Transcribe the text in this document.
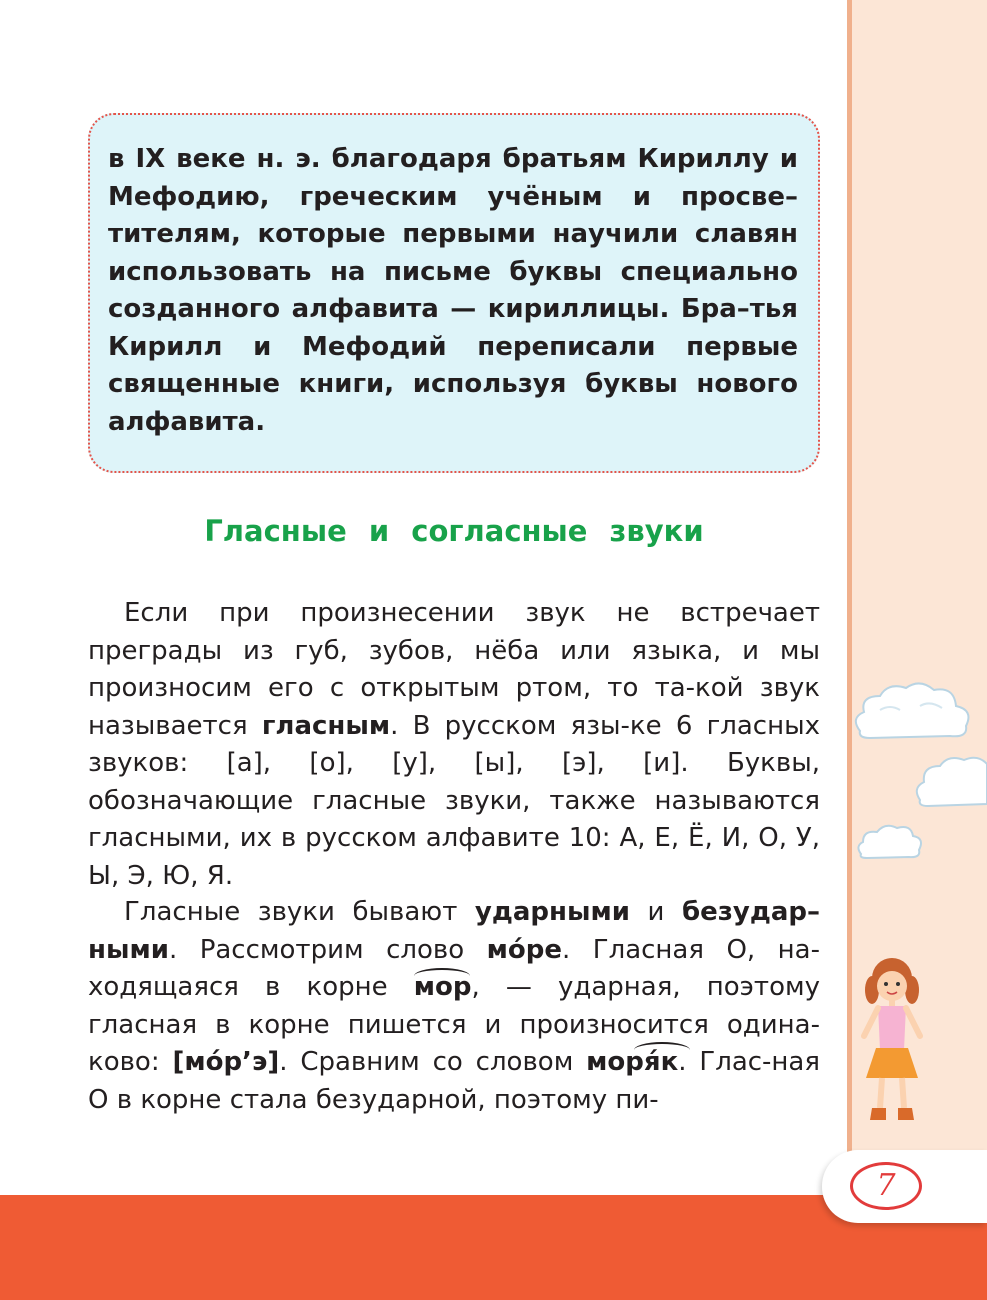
в IX веке н. э. благодаря братьям Кириллу и Мефодию, греческим учёным и просве–тителям, которые первыми научили славян использовать на письме буквы специально созданного алфавита — кириллицы. Бра–тья Кирилл и Мефодий переписали первые священные книги, используя буквы нового алфавита.
Гласные и согласные звуки
Если при произнесении звук не встречает преграды из губ, зубов, нёба или языка, и мы произносим его с открытым ртом, то та-кой звук называется гласным. В русском язы-ке 6 гласных звуков: [а], [о], [у], [ы], [э], [и]. Буквы, обозначающие гласные звуки, также называются гласными, их в русском алфавите 10: А, Е, Ё, И, О, У, Ы, Э, Ю, Я.
Гласные звуки бывают ударными и безудар–ными. Рассмотрим слово мо́ре. Гласная О, на-ходящаяся в корне мор, — ударная, поэтому гласная в корне пишется и произносится одина-ково: [мо́р’э]. Сравним со словом моря́к. Глас-ная О в корне стала безударной, поэтому пи-
7
